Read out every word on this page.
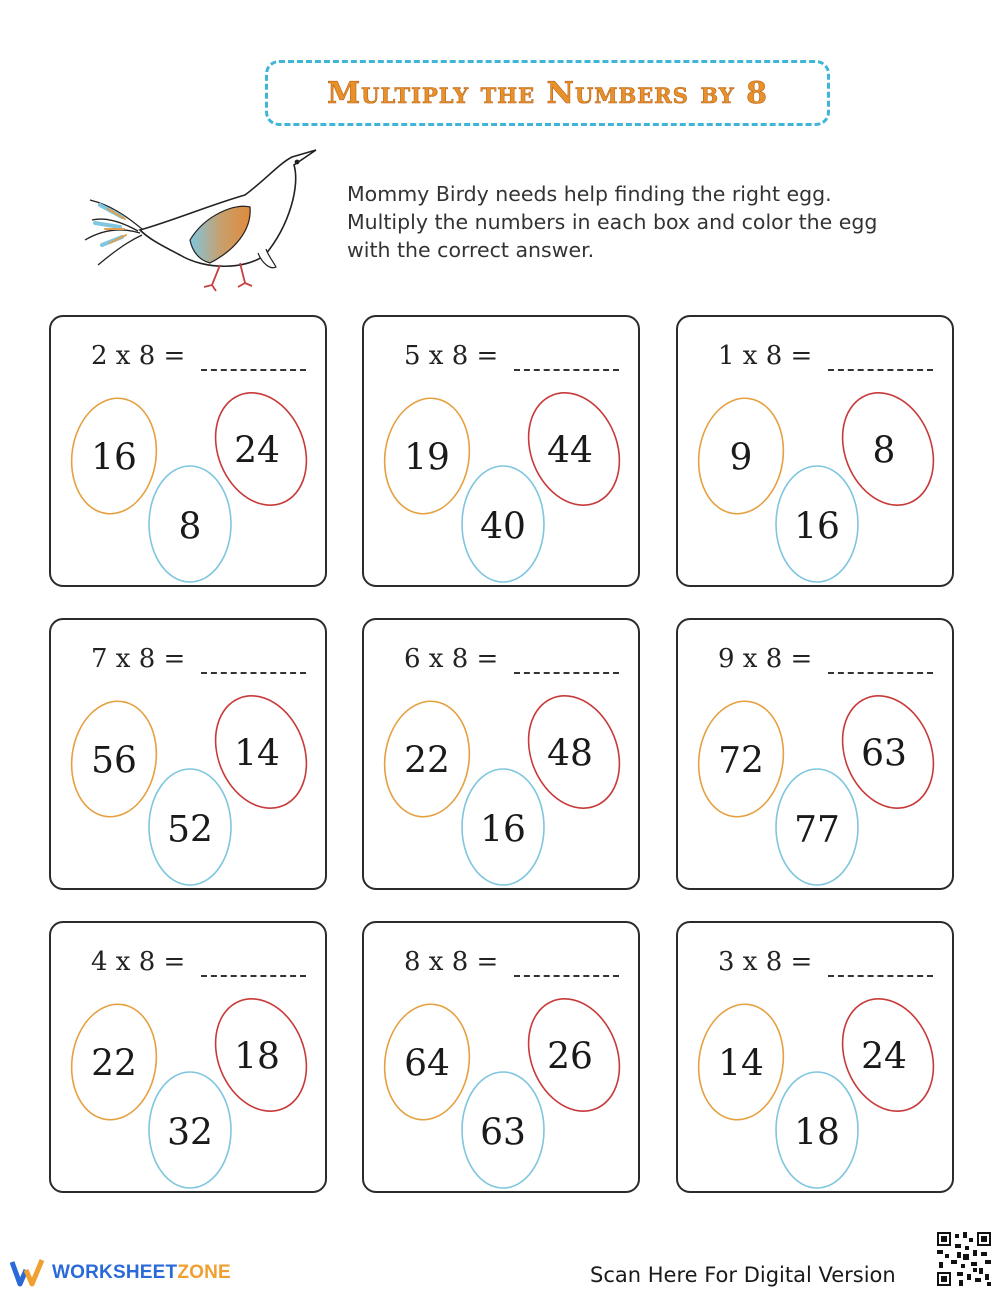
Multiply the Numbers by 8
Mommy Birdy needs help finding the right egg. Multiply the numbers in each box and color the egg with the correct answer.
2 x 8 =
16	24
8
5 x 8 =
19	44
40
1 x 8 =
9	8
16
7 x 8 =
56	14
52
6 x 8 =
22	48
16
9 x 8 =
72	63
77
4 x 8 =
22	18
32
8 x 8 =
64	26
63
3 x 8 =
14	24
18
WORKSHEETZONE	Scan Here For Digital Version
